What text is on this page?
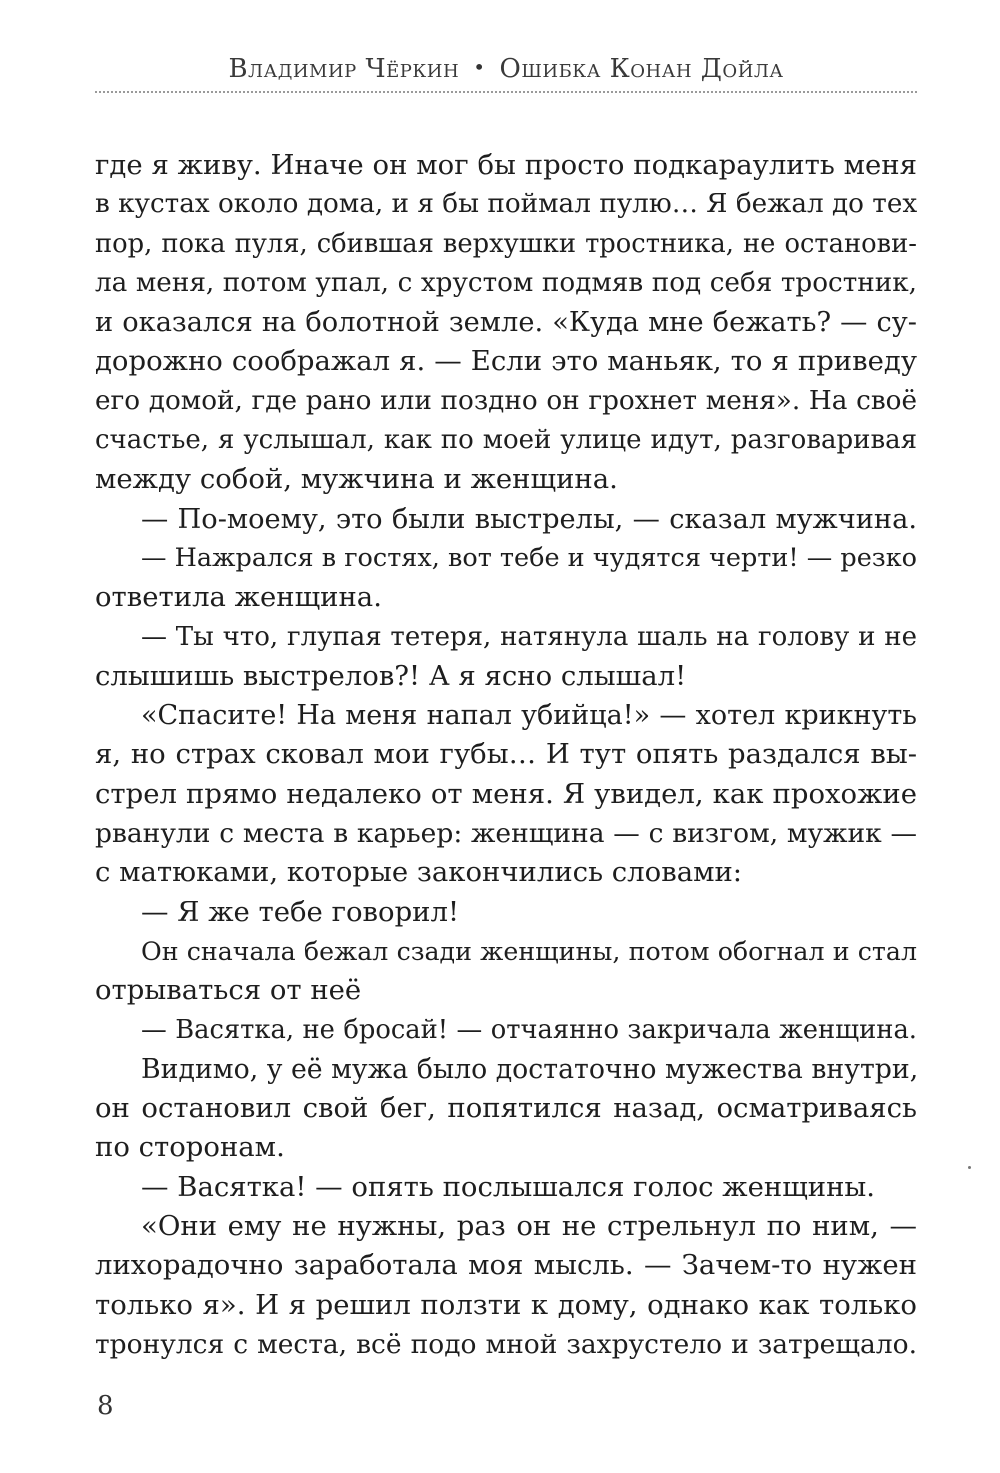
Владимир Чёркин • Ошибка Конан Дойла
где я живу. Иначе он мог бы просто подкараулить меня
в кустах около дома, и я бы поймал пулю… Я бежал до тех
пор, пока пуля, сбившая верхушки тростника, не останови-
ла меня, потом упал, с хрустом подмяв под себя тростник,
и оказался на болотной земле. «Куда мне бежать? — су-
дорожно соображал я. — Если это маньяк, то я приведу
его домой, где рано или поздно он грохнет меня». На своё
счастье, я услышал, как по моей улице идут, разговаривая
между собой, мужчина и женщина.
— По-моему, это были выстрелы, — сказал мужчина.
— Нажрался в гостях, вот тебе и чудятся черти! — резко
ответила женщина.
— Ты что, глупая тетеря, натянула шаль на голову и не
слышишь выстрелов?! А я ясно слышал!
«Спасите! На меня напал убийца!» — хотел крикнуть
я, но страх сковал мои губы… И тут опять раздался вы-
стрел прямо недалеко от меня. Я увидел, как прохожие
рванули с места в карьер: женщина — с визгом, мужик —
с матюками, которые закончились словами:
— Я же тебе говорил!
Он сначала бежал сзади женщины, потом обогнал и стал
отрываться от неё
— Васятка, не бросай! — отчаянно закричала женщина.
Видимо, у её мужа было достаточно мужества внутри,
он остановил свой бег, попятился назад, осматриваясь
по сторонам.
— Васятка! — опять послышался голос женщины.
«Они ему не нужны, раз он не стрельнул по ним, —
лихорадочно заработала моя мысль. — Зачем-то нужен
только я». И я решил ползти к дому, однако как только
тронулся с места, всё подо мной захрустело и затрещало.
8
